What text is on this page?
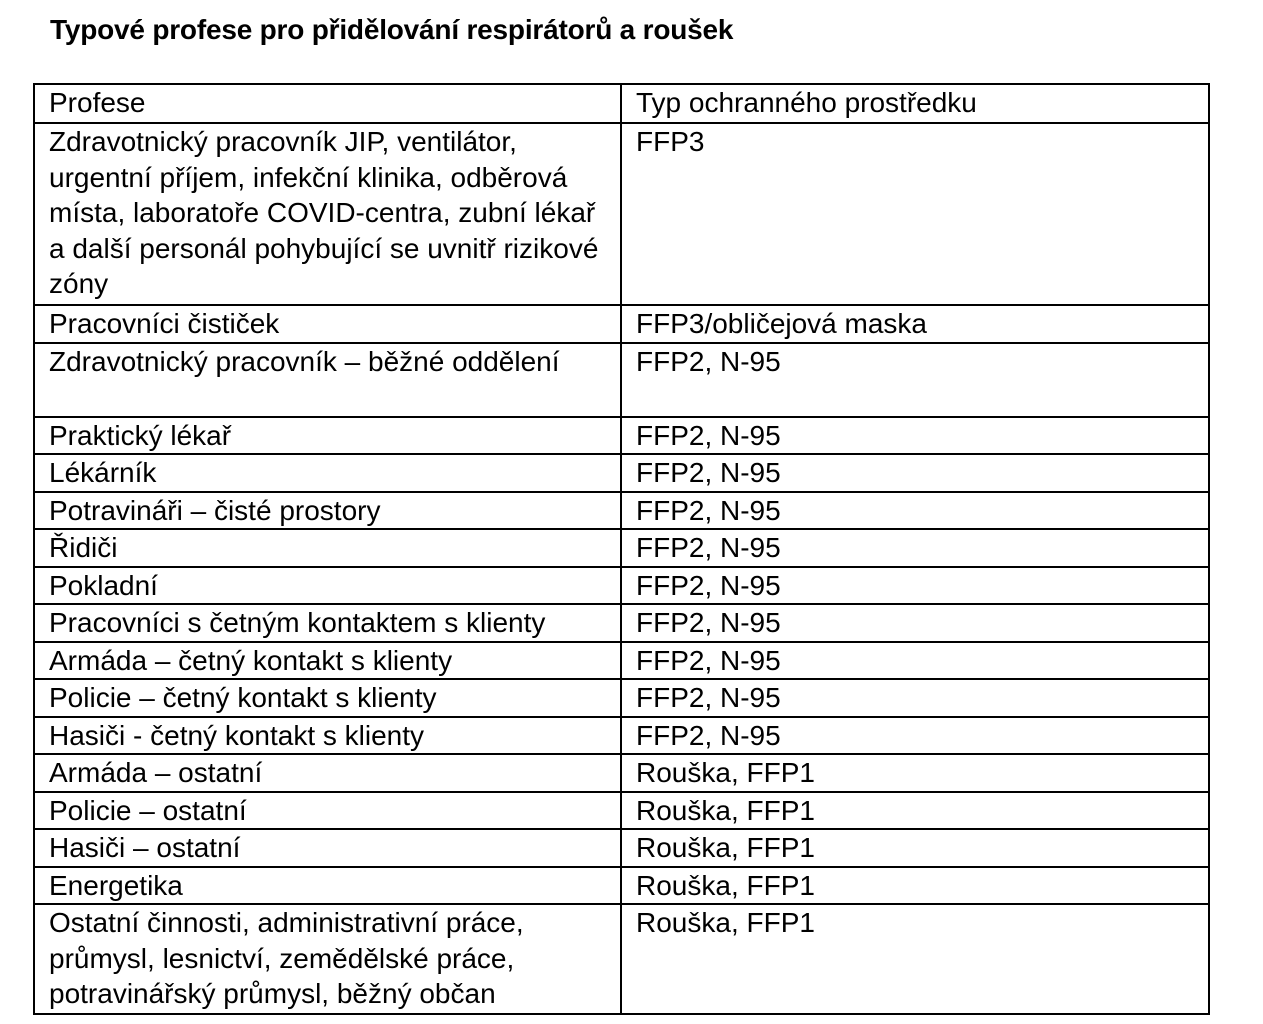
Typové profese pro přidělování respirátorů a roušek
Profese	Typ ochranného prostředku
Zdravotnický pracovník JIP, ventilátor, urgentní příjem, infekční klinika, odběrová místa, laboratoře COVID-centra, zubní lékař a další personál pohybující se uvnitř rizikové zóny	FFP3
Pracovníci čističek	FFP3/obličejová maska
Zdravotnický pracovník – běžné oddělení	FFP2, N-95
Praktický lékař	FFP2, N-95
Lékárník	FFP2, N-95
Potravináři – čisté prostory	FFP2, N-95
Řidiči	FFP2, N-95
Pokladní	FFP2, N-95
Pracovníci s četným kontaktem s klienty	FFP2, N-95
Armáda – četný kontakt s klienty	FFP2, N-95
Policie – četný kontakt s klienty	FFP2, N-95
Hasiči - četný kontakt s klienty	FFP2, N-95
Armáda – ostatní	Rouška, FFP1
Policie – ostatní	Rouška, FFP1
Hasiči – ostatní	Rouška, FFP1
Energetika	Rouška, FFP1
Ostatní činnosti, administrativní práce, průmysl, lesnictví, zemědělské práce, potravinářský průmysl, běžný občan	Rouška, FFP1
